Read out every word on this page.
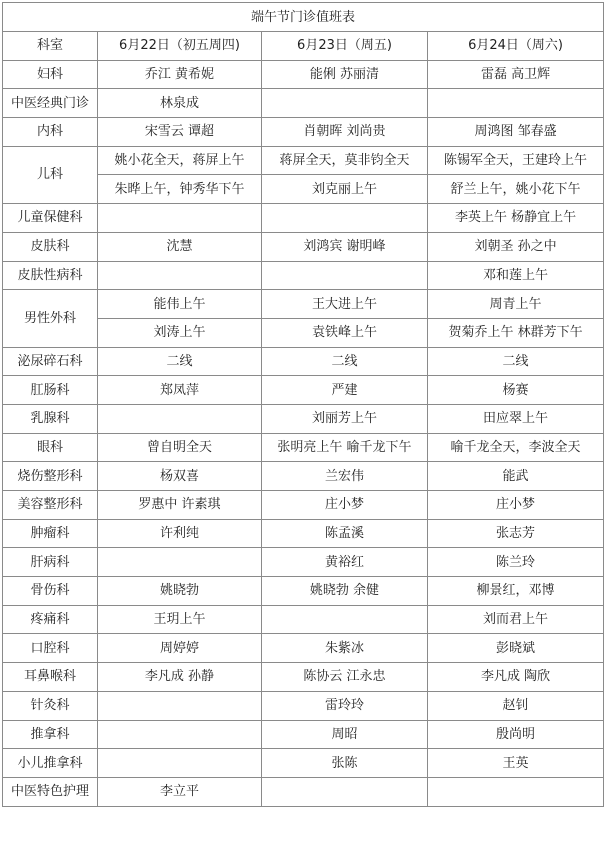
端午节门诊值班表			
科室	6月22日（初五周四)	6月23日（周五)	6月24日（周六)
妇科	乔江 黄希妮	能俐 苏丽清	雷磊 高卫辉
中医经典门诊	林泉成		
内科	宋雪云 谭超	肖朝晖 刘尚贵	周鸿图 邹春盛
儿科	姚小花全天，蒋屏上午	蒋屏全天，莫非钧全天	陈锡军全天，王建玲上午
	朱晔上午，钟秀华下午	刘克丽上午	舒兰上午，姚小花下午
儿童保健科			李英上午 杨静宜上午
皮肤科	沈慧	刘鸿宾 谢明峰	刘朝圣 孙之中
皮肤性病科			邓和莲上午
男性外科	能伟上午	王大进上午	周青上午
	刘涛上午	袁铁峰上午	贺菊乔上午 林群芳下午
泌尿碎石科	二线	二线	二线
肛肠科	郑凤萍	严建	杨赛
乳腺科		刘丽芳上午	田应翠上午
眼科	曾自明全天	张明亮上午 喻千龙下午	喻千龙全天，李波全天
烧伤整形科	杨双喜	兰宏伟	能武
美容整形科	罗惠中 许素琪	庄小梦	庄小梦
肿瘤科	许利纯	陈孟溪	张志芳
肝病科		黄裕红	陈兰玲
骨伤科	姚晓勃	姚晓勃 余健	柳景红，邓博
疼痛科	王玥上午		刘而君上午
口腔科	周婷婷	朱紫冰	彭晓斌
耳鼻喉科	李凡成 孙静	陈协云 江永忠	李凡成 陶欣
针灸科		雷玲玲	赵钊
推拿科		周昭	殷尚明
小儿推拿科		张陈	王英
中医特色护理	李立平		
